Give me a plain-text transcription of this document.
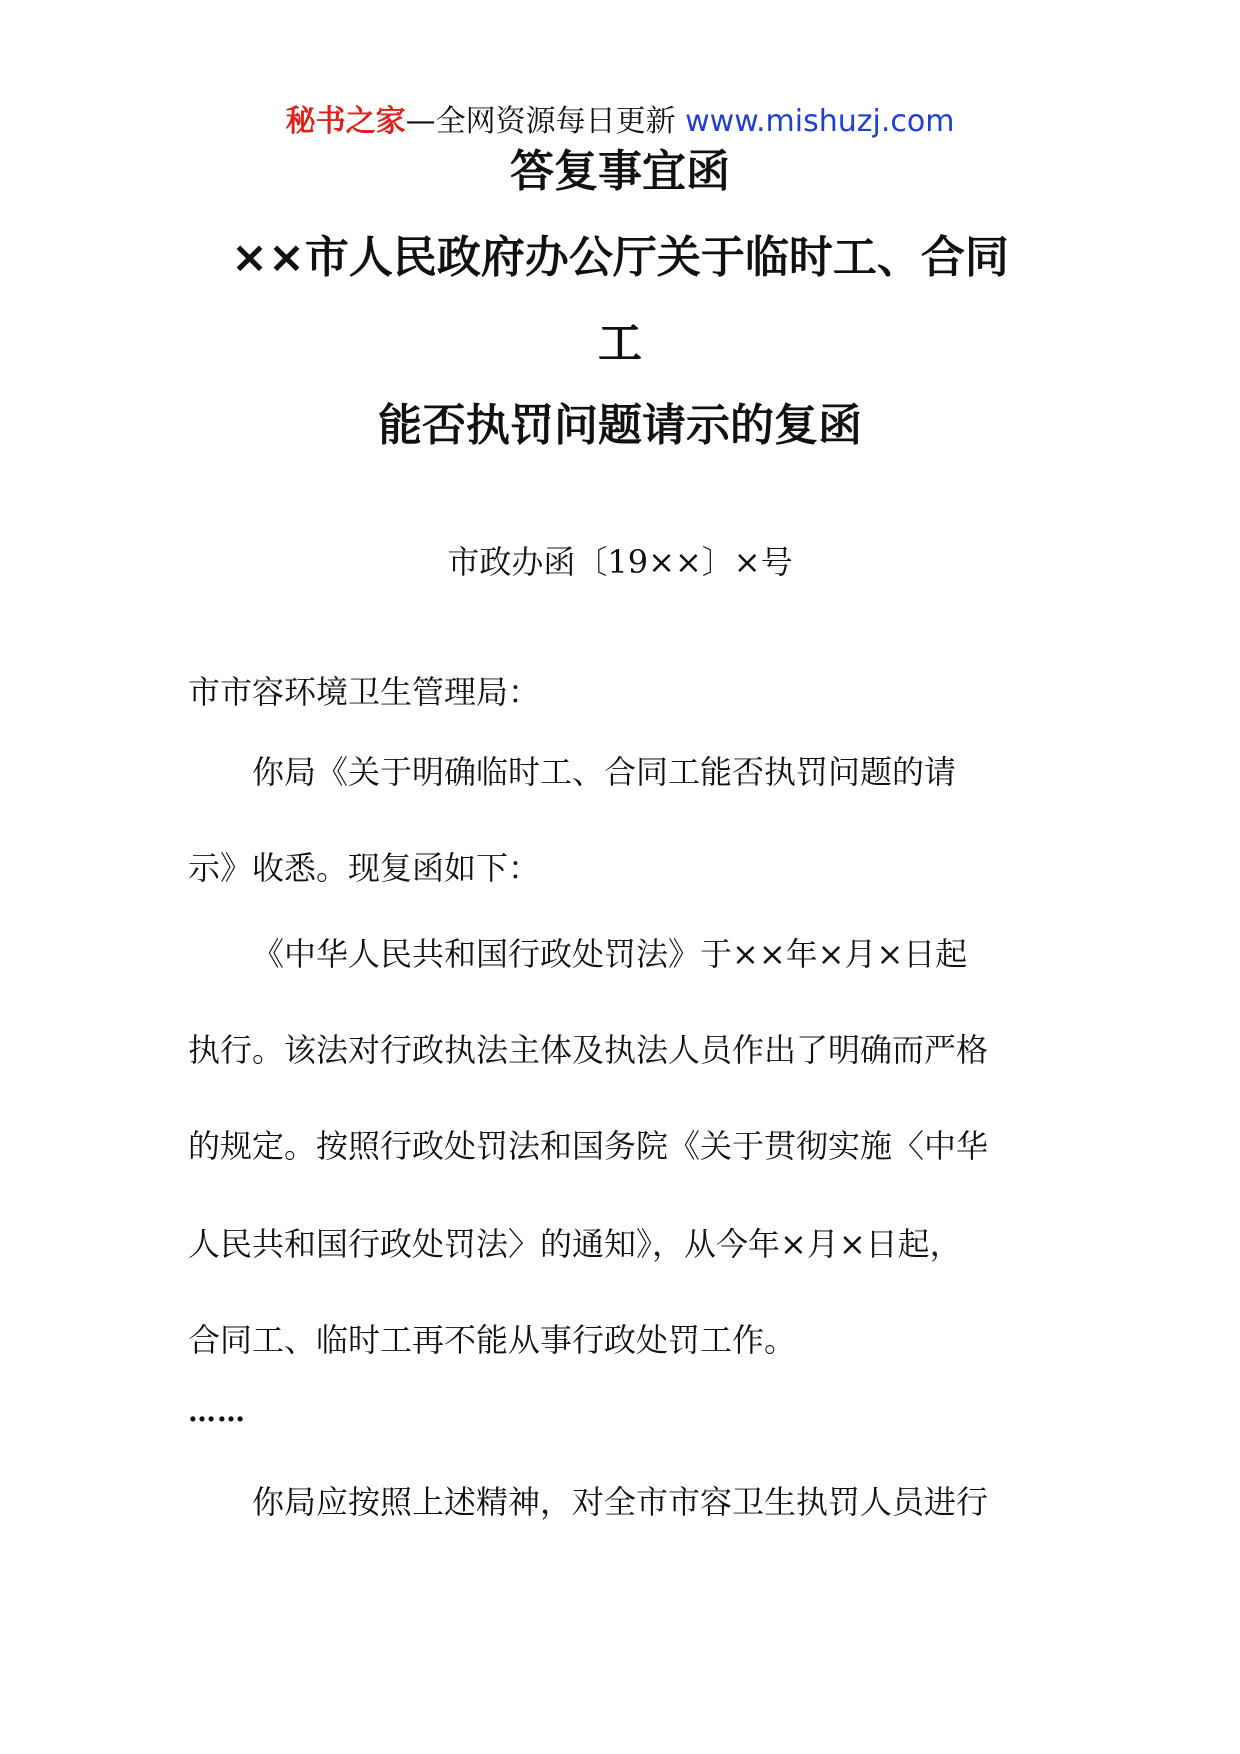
秘书之家—全网资源每日更新 www.mishuzj.com
答复事宜函
××市人民政府办公厅关于临时工、合同
工
能否执罚问题请示的复函
市政办函〔19××〕×号
市市容环境卫生管理局：
你局《关于明确临时工、合同工能否执罚问题的请
示》收悉。现复函如下：
《中华人民共和国行政处罚法》于××年×月×日起
执行。该法对行政执法主体及执法人员作出了明确而严格
的规定。按照行政处罚法和国务院《关于贯彻实施〈中华
人民共和国行政处罚法〉的通知》，从今年×月×日起，
合同工、临时工再不能从事行政处罚工作。
……
你局应按照上述精神，对全市市容卫生执罚人员进行
